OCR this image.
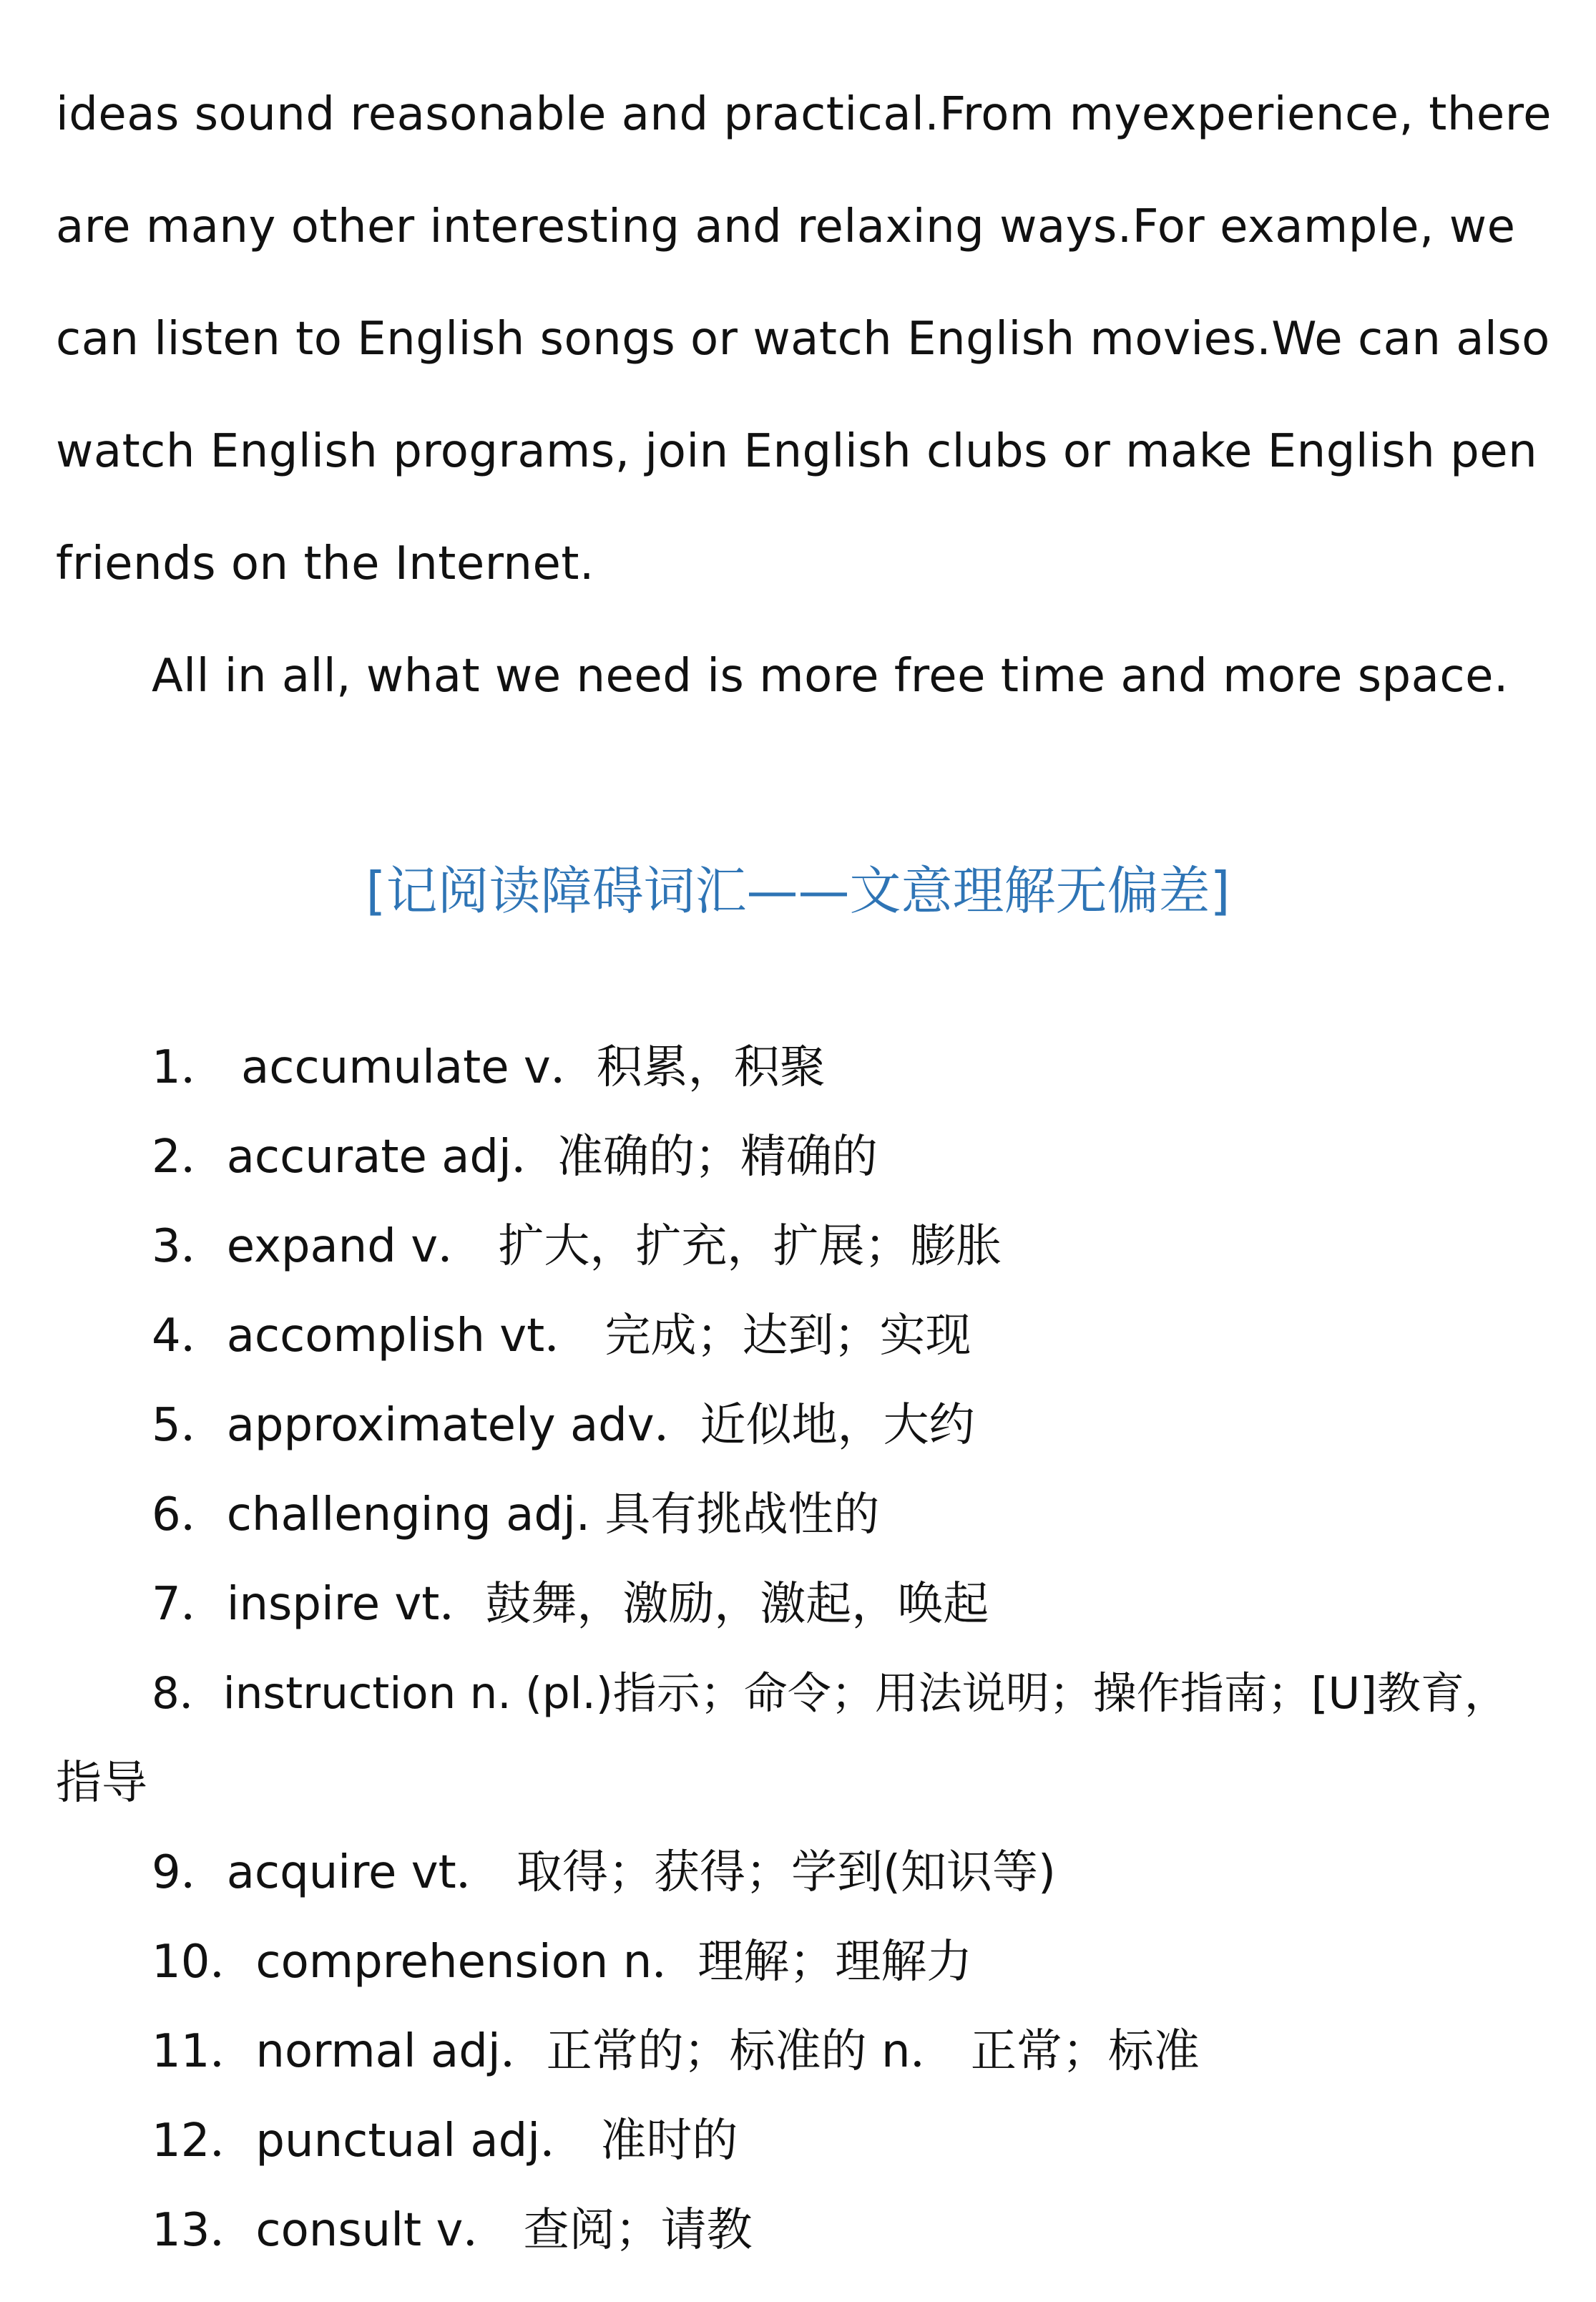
ideas sound reasonable and practical.From myexperience, there
are many other interesting and relaxing ways.For example, we
can listen to English songs or watch English movies.We can also
watch English programs, join English clubs or make English pen
friends on the Internet.
All in all, what we need is more free time and more space.
[记阅读障碍词汇——文意理解无偏差]
1． accumulate v．积累，积聚
2．accurate adj．准确的；精确的
3．expand v． 扩大，扩充，扩展；膨胀
4．accomplish vt． 完成；达到；实现
5．approximately adv．近似地，大约
6．challenging adj. 具有挑战性的
7．inspire vt．鼓舞，激励，激起，唤起
8．instruction n. (pl.)指示；命令；用法说明；操作指南；[U]教育，
指导
9．acquire vt． 取得；获得；学到(知识等)
10．comprehension n．理解；理解力
11．normal adj．正常的；标准的 n． 正常；标准
12．punctual adj． 准时的
13．consult v． 查阅；请教
